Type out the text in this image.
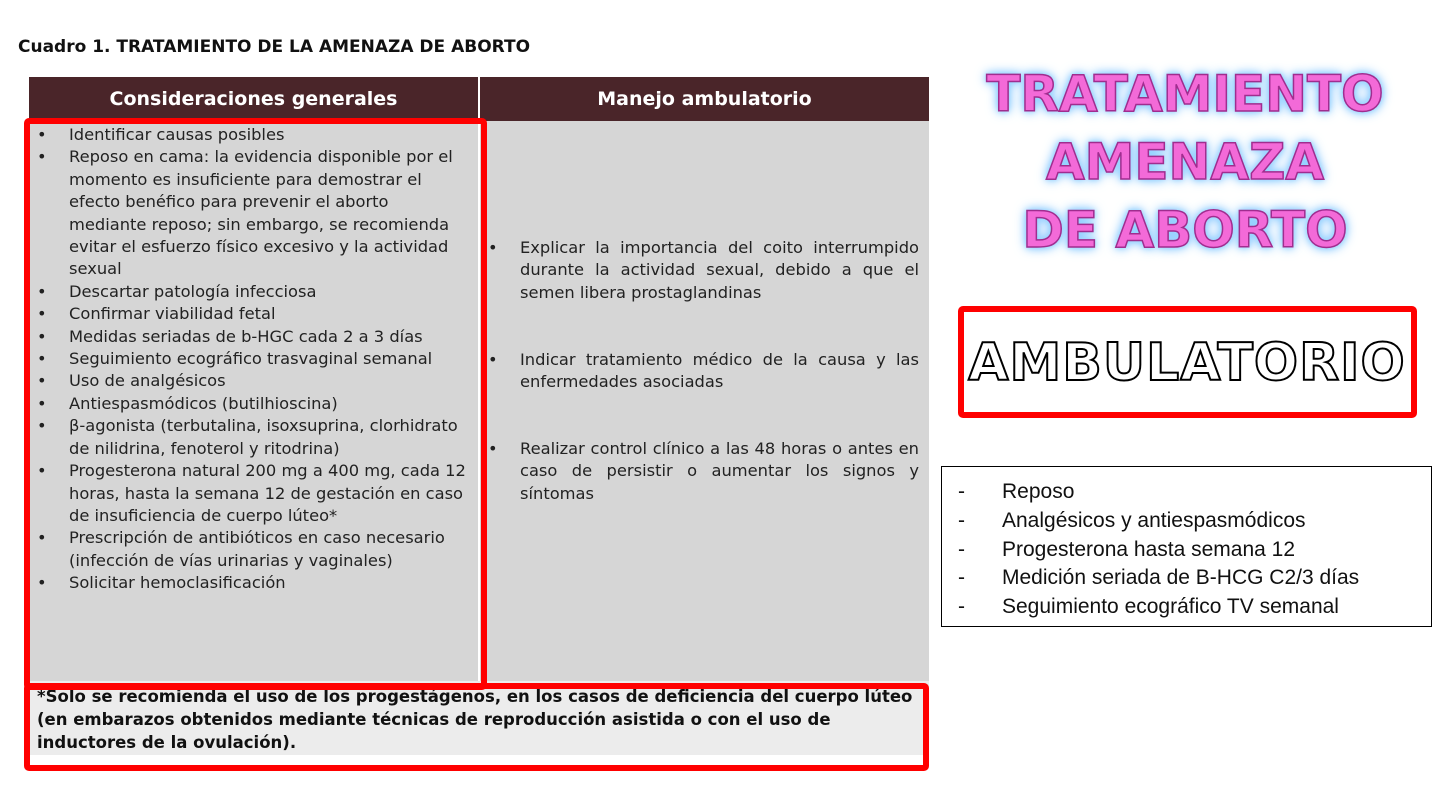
Cuadro 1. TRATAMIENTO DE LA AMENAZA DE ABORTO
Consideraciones generales	Manejo ambulatorio
• Identificar causas posibles
• Reposo en cama: la evidencia disponible por el momento es insuficiente para demostrar el efecto benéfico para prevenir el aborto mediante reposo; sin embargo, se recomienda evitar el esfuerzo físico excesivo y la actividad sexual
• Descartar patología infecciosa
• Confirmar viabilidad fetal
• Medidas seriadas de b-HGC cada 2 a 3 días
• Seguimiento ecográfico trasvaginal semanal
• Uso de analgésicos
• Antiespasmódicos (butilhioscina)
• β-agonista (terbutalina, isoxsuprina, clorhidrato de nilidrina, fenoterol y ritodrina)
• Progesterona natural 200 mg a 400 mg, cada 12 horas, hasta la semana 12 de gestación en caso de insuficiencia de cuerpo lúteo*
• Prescripción de antibióticos en caso necesario (infección de vías urinarias y vaginales)
• Solicitar hemoclasificación
• Explicar la importancia del coito interrumpido durante la actividad sexual, debido a que el semen libera prostaglandinas
• Indicar tratamiento médico de la causa y las enfermedades asociadas
• Realizar control clínico a las 48 horas o antes en caso de persistir o aumentar los signos y síntomas
*Solo se recomienda el uso de los progestágenos, en los casos de deficiencia del cuerpo lúteo (en embarazos obtenidos mediante técnicas de reproducción asistida o con el uso de inductores de la ovulación).
TRATAMIENTO
AMENAZA
DE ABORTO
AMBULATORIO
- Reposo
- Analgésicos y antiespasmódicos
- Progesterona hasta semana 12
- Medición seriada de B-HCG C2/3 días
- Seguimiento ecográfico TV semanal
